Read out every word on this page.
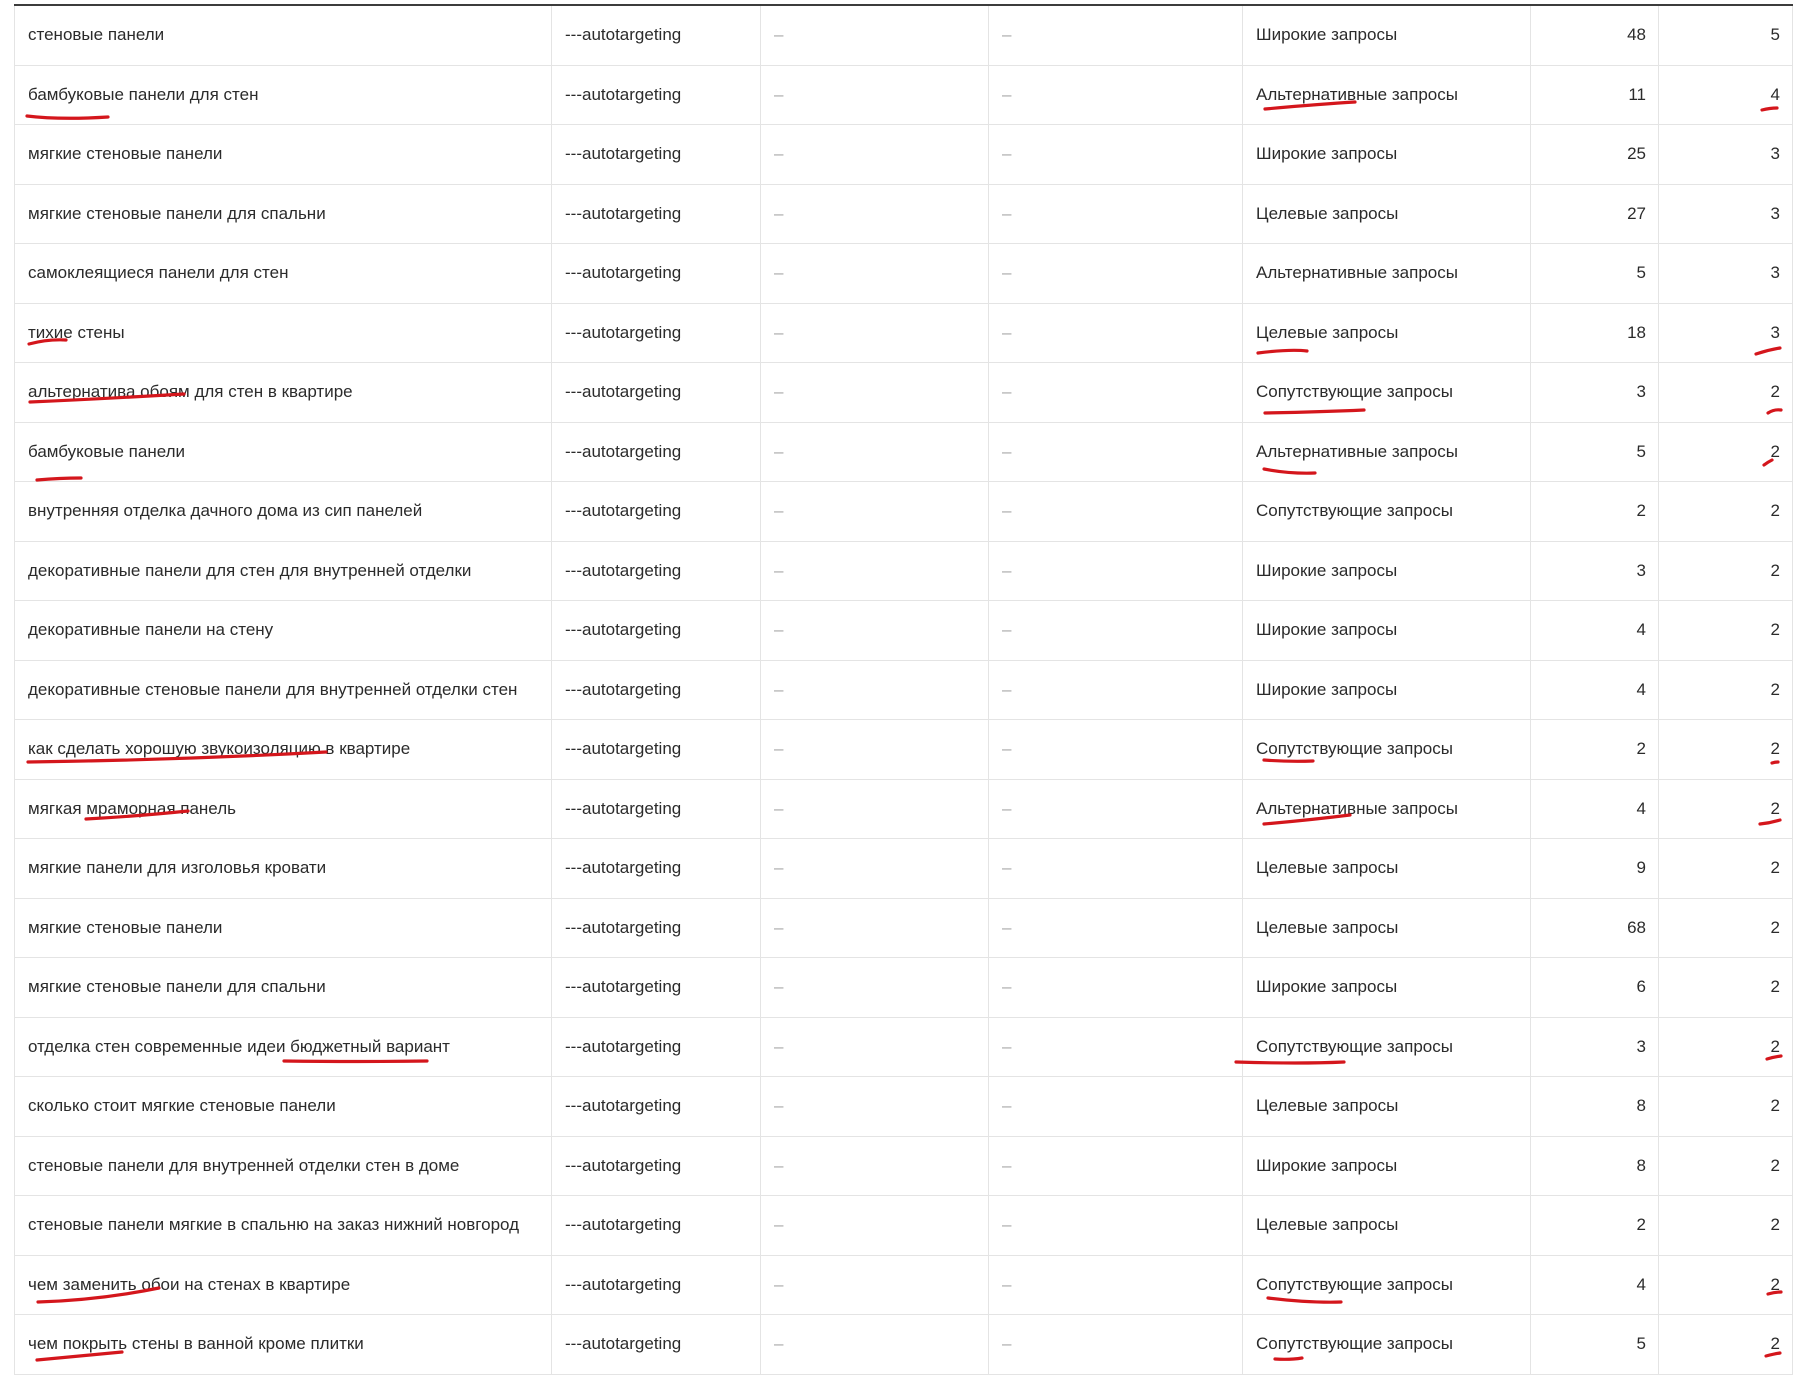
стеновые панели	---autotargeting	–	–	Широкие запросы	48	5
бамбуковые панели для стен	---autotargeting	–	–	Альтернативные запросы	11	4
мягкие стеновые панели	---autotargeting	–	–	Широкие запросы	25	3
мягкие стеновые панели для спальни	---autotargeting	–	–	Целевые запросы	27	3
самоклеящиеся панели для стен	---autotargeting	–	–	Альтернативные запросы	5	3
тихие стены	---autotargeting	–	–	Целевые запросы	18	3
альтернатива обоям для стен в квартире	---autotargeting	–	–	Сопутствующие запросы	3	2
бамбуковые панели	---autotargeting	–	–	Альтернативные запросы	5	2
внутренняя отделка дачного дома из сип панелей	---autotargeting	–	–	Сопутствующие запросы	2	2
декоративные панели для стен для внутренней отделки	---autotargeting	–	–	Широкие запросы	3	2
декоративные панели на стену	---autotargeting	–	–	Широкие запросы	4	2
декоративные стеновые панели для внутренней отделки стен	---autotargeting	–	–	Широкие запросы	4	2
как сделать хорошую звукоизоляцию в квартире	---autotargeting	–	–	Сопутствующие запросы	2	2
мягкая мраморная панель	---autotargeting	–	–	Альтернативные запросы	4	2
мягкие панели для изголовья кровати	---autotargeting	–	–	Целевые запросы	9	2
мягкие стеновые панели	---autotargeting	–	–	Целевые запросы	68	2
мягкие стеновые панели для спальни	---autotargeting	–	–	Широкие запросы	6	2
отделка стен современные идеи бюджетный вариант	---autotargeting	–	–	Сопутствующие запросы	3	2
сколько стоит мягкие стеновые панели	---autotargeting	–	–	Целевые запросы	8	2
стеновые панели для внутренней отделки стен в доме	---autotargeting	–	–	Широкие запросы	8	2
стеновые панели мягкие в спальню на заказ нижний новгород	---autotargeting	–	–	Целевые запросы	2	2
чем заменить обои на стенах в квартире	---autotargeting	–	–	Сопутствующие запросы	4	2
чем покрыть стены в ванной кроме плитки	---autotargeting	–	–	Сопутствующие запросы	5	2
